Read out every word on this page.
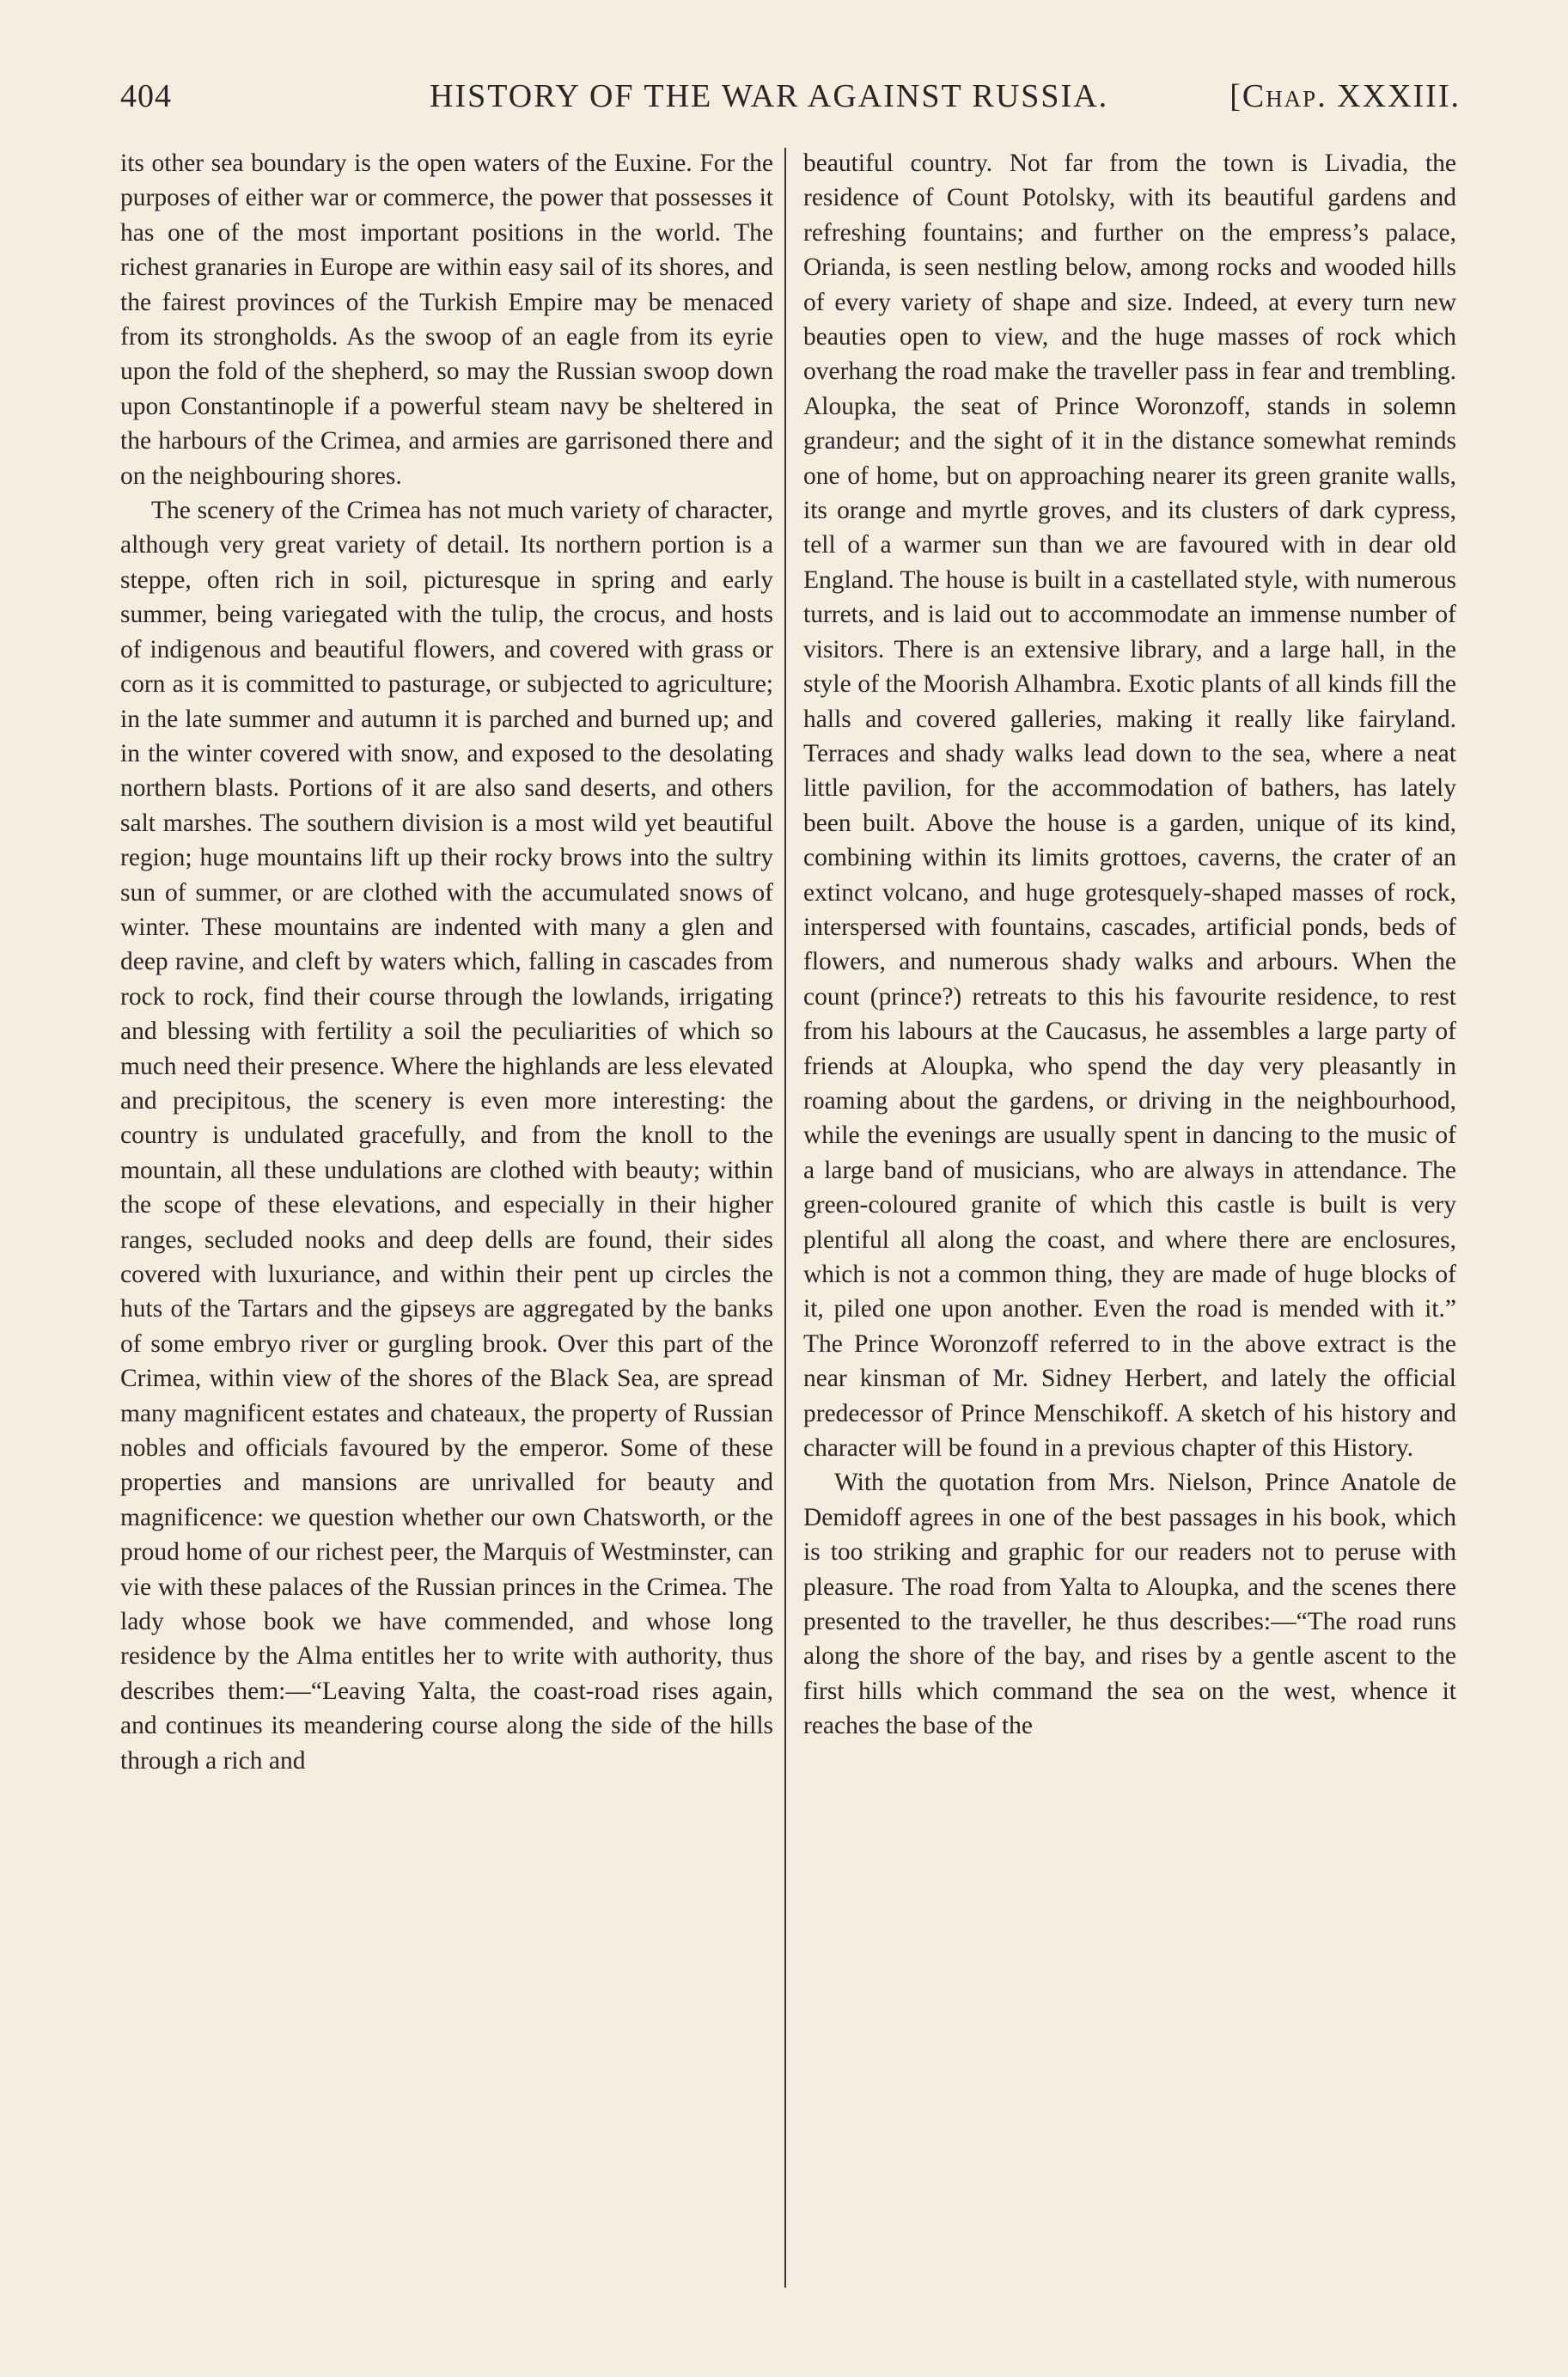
404	HISTORY OF THE WAR AGAINST RUSSIA.	[Chap. XXXIII.

its other sea boundary is the open waters of the Euxine. For the purposes of either war or commerce, the power that possesses it has one of the most important positions in the world. The richest granaries in Europe are within easy sail of its shores, and the fairest provinces of the Turkish Empire may be menaced from its strongholds. As the swoop of an eagle from its eyrie upon the fold of the shepherd, so may the Russian swoop down upon Constantinople if a powerful steam navy be sheltered in the harbours of the Crimea, and armies are garrisoned there and on the neighbouring shores.

The scenery of the Crimea has not much variety of character, although very great variety of detail. Its northern portion is a steppe, often rich in soil, picturesque in spring and early summer, being variegated with the tulip, the crocus, and hosts of indigenous and beautiful flowers, and covered with grass or corn as it is committed to pasturage, or subjected to agriculture; in the late summer and autumn it is parched and burned up; and in the winter covered with snow, and exposed to the desolating northern blasts. Portions of it are also sand deserts, and others salt marshes. The southern division is a most wild yet beautiful region; huge mountains lift up their rocky brows into the sultry sun of summer, or are clothed with the accumulated snows of winter. These mountains are indented with many a glen and deep ravine, and cleft by waters which, falling in cascades from rock to rock, find their course through the lowlands, irrigating and blessing with fertility a soil the peculiarities of which so much need their presence. Where the highlands are less elevated and precipitous, the scenery is even more interesting: the country is undulated gracefully, and from the knoll to the mountain, all these undulations are clothed with beauty; within the scope of these elevations, and especially in their higher ranges, secluded nooks and deep dells are found, their sides covered with luxuriance, and within their pent up circles the huts of the Tartars and the gipseys are aggregated by the banks of some embryo river or gurgling brook. Over this part of the Crimea, within view of the shores of the Black Sea, are spread many magnificent estates and chateaux, the property of Russian nobles and officials favoured by the emperor. Some of these properties and mansions are unrivalled for beauty and magnificence: we question whether our own Chatsworth, or the proud home of our richest peer, the Marquis of Westminster, can vie with these palaces of the Russian princes in the Crimea. The lady whose book we have commended, and whose long residence by the Alma entitles her to write with authority, thus describes them:—“Leaving Yalta, the coast-road rises again, and continues its meandering course along the side of the hills through a rich and

beautiful country. Not far from the town is Livadia, the residence of Count Potolsky, with its beautiful gardens and refreshing fountains; and further on the empress’s palace, Orianda, is seen nestling below, among rocks and wooded hills of every variety of shape and size. Indeed, at every turn new beauties open to view, and the huge masses of rock which overhang the road make the traveller pass in fear and trembling. Aloupka, the seat of Prince Woronzoff, stands in solemn grandeur; and the sight of it in the distance somewhat reminds one of home, but on approaching nearer its green granite walls, its orange and myrtle groves, and its clusters of dark cypress, tell of a warmer sun than we are favoured with in dear old England. The house is built in a castellated style, with numerous turrets, and is laid out to accommodate an immense number of visitors. There is an extensive library, and a large hall, in the style of the Moorish Alhambra. Exotic plants of all kinds fill the halls and covered galleries, making it really like fairyland. Terraces and shady walks lead down to the sea, where a neat little pavilion, for the accommodation of bathers, has lately been built. Above the house is a garden, unique of its kind, combining within its limits grottoes, caverns, the crater of an extinct volcano, and huge grotesquely-shaped masses of rock, interspersed with fountains, cascades, artificial ponds, beds of flowers, and numerous shady walks and arbours. When the count (prince?) retreats to this his favourite residence, to rest from his labours at the Caucasus, he assembles a large party of friends at Aloupka, who spend the day very pleasantly in roaming about the gardens, or driving in the neighbourhood, while the evenings are usually spent in dancing to the music of a large band of musicians, who are always in attendance. The green-coloured granite of which this castle is built is very plentiful all along the coast, and where there are enclosures, which is not a common thing, they are made of huge blocks of it, piled one upon another. Even the road is mended with it.” The Prince Woronzoff referred to in the above extract is the near kinsman of Mr. Sidney Herbert, and lately the official predecessor of Prince Menschikoff. A sketch of his history and character will be found in a previous chapter of this History.

With the quotation from Mrs. Nielson, Prince Anatole de Demidoff agrees in one of the best passages in his book, which is too striking and graphic for our readers not to peruse with pleasure. The road from Yalta to Aloupka, and the scenes there presented to the traveller, he thus describes:—“The road runs along the shore of the bay, and rises by a gentle ascent to the first hills which command the sea on the west, whence it reaches the base of the
